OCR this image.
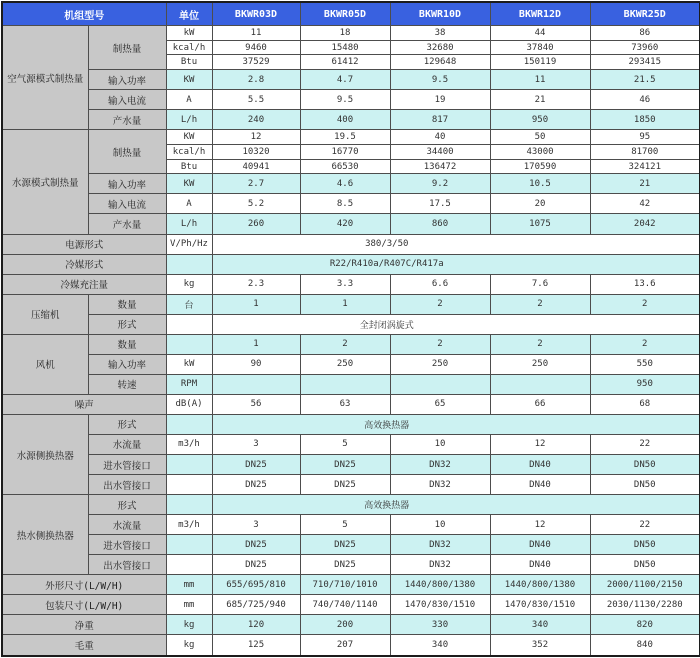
机组型号		单位	BKWR03D	BKWR05D	BKWR10D	BKWR12D	BKWR25D
空气源模式制热量	制热量	kW	11	18	38	44	86
		kcal/h	9460	15480	32680	37840	73960
		Btu	37529	61412	129648	150119	293415
	输入功率	KW	2.8	4.7	9.5	11	21.5
	输入电流	A	5.5	9.5	19	21	46
	产水量	L/h	240	400	817	950	1850
水源模式制热量	制热量	KW	12	19.5	40	50	95
		kcal/h	10320	16770	34400	43000	81700
		Btu	40941	66530	136472	170590	324121
	输入功率	KW	2.7	4.6	9.2	10.5	21
	输入电流	A	5.2	8.5	17.5	20	42
	产水量	L/h	260	420	860	1075	2042
电源形式		V/Ph/Hz	380/3/50				
冷媒形式			R22/R410a/R407C/R417a				
冷媒充注量		kg	2.3	3.3	6.6	7.6	13.6
压缩机	数量	台	1	1	2	2	2
	形式		全封闭涡旋式				
风机	数量		1	2	2	2	2
	输入功率	kW	90	250	250	250	550
	转速	RPM					950
噪声		dB(A)	56	63	65	66	68
水源侧换热器	形式		高效换热器				
	水流量	m3/h	3	5	10	12	22
	进水管接口		DN25	DN25	DN32	DN40	DN50
	出水管接口		DN25	DN25	DN32	DN40	DN50
热水侧换热器	形式		高效换热器				
	水流量	m3/h	3	5	10	12	22
	进水管接口		DN25	DN25	DN32	DN40	DN50
	出水管接口		DN25	DN25	DN32	DN40	DN50
外形尺寸(L/W/H)		mm	655/695/810	710/710/1010	1440/800/1380	1440/800/1380	2000/1100/2150
包装尺寸(L/W/H)		mm	685/725/940	740/740/1140	1470/830/1510	1470/830/1510	2030/1130/2280
净重		kg	120	200	330	340	820
毛重		kg	125	207	340	352	840
